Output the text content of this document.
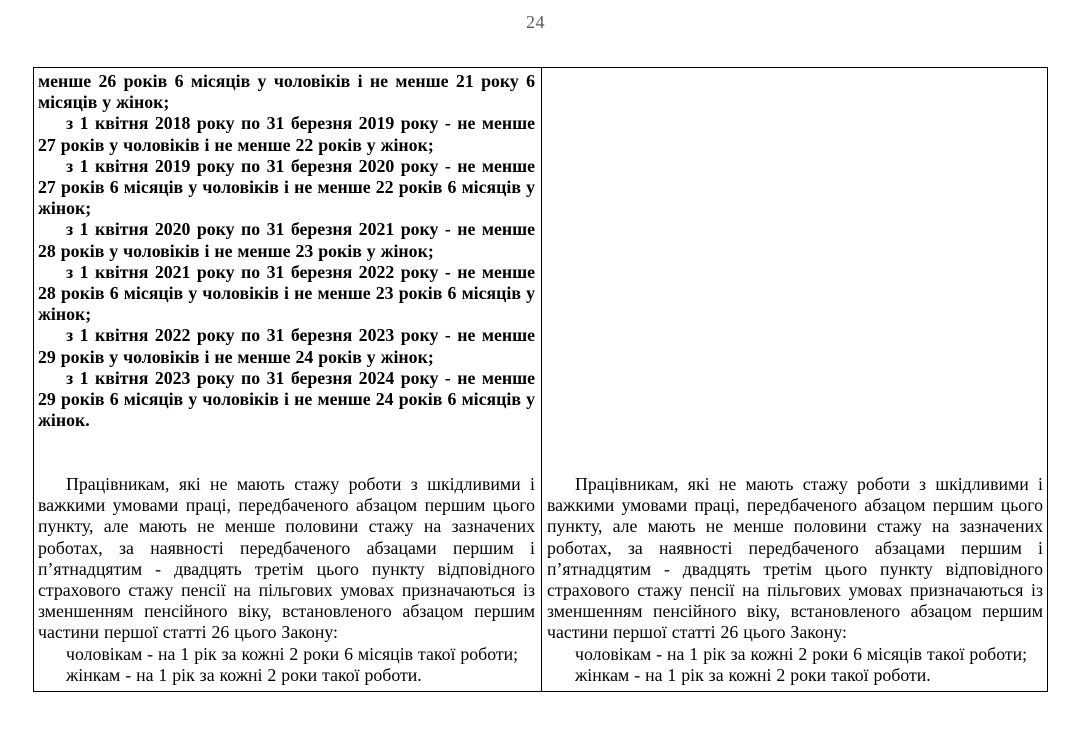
24

менше 26 років 6 місяців у чоловіків і не менше 21 року 6 місяців у жінок;

з 1 квітня 2018 року по 31 березня 2019 року - не менше 27 років у чоловіків і не менше 22 років у жінок;

з 1 квітня 2019 року по 31 березня 2020 року - не менше 27 років 6 місяців у чоловіків і не менше 22 років 6 місяців у жінок;

з 1 квітня 2020 року по 31 березня 2021 року - не менше 28 років у чоловіків і не менше 23 років у жінок;

з 1 квітня 2021 року по 31 березня 2022 року - не менше 28 років 6 місяців у чоловіків і не менше 23 років 6 місяців у жінок;

з 1 квітня 2022 року по 31 березня 2023 року - не менше 29 років у чоловіків і не менше 24 років у жінок;

з 1 квітня 2023 року по 31 березня 2024 року - не менше 29 років 6 місяців у чоловіків і не менше 24 років 6 місяців у жінок.

Працівникам, які не мають стажу роботи з шкідливими і важкими умовами праці, передбаченого абзацом першим цього пункту, але мають не менше половини стажу на зазначених роботах, за наявності передбаченого абзацами першим і п’ятнадцятим - двадцять третім цього пункту відповідного страхового стажу пенсії на пільгових умовах призначаються із зменшенням пенсійного віку, встановленого абзацом першим частини першої статті 26 цього Закону:

чоловікам - на 1 рік за кожні 2 роки 6 місяців такої роботи;

жінкам - на 1 рік за кожні 2 роки такої роботи.

Працівникам, які не мають стажу роботи з шкідливими і важкими умовами праці, передбаченого абзацом першим цього пункту, але мають не менше половини стажу на зазначених роботах, за наявності передбаченого абзацами першим і п’ятнадцятим - двадцять третім цього пункту відповідного страхового стажу пенсії на пільгових умовах призначаються із зменшенням пенсійного віку, встановленого абзацом першим частини першої статті 26 цього Закону:

чоловікам - на 1 рік за кожні 2 роки 6 місяців такої роботи;

жінкам - на 1 рік за кожні 2 роки такої роботи.
